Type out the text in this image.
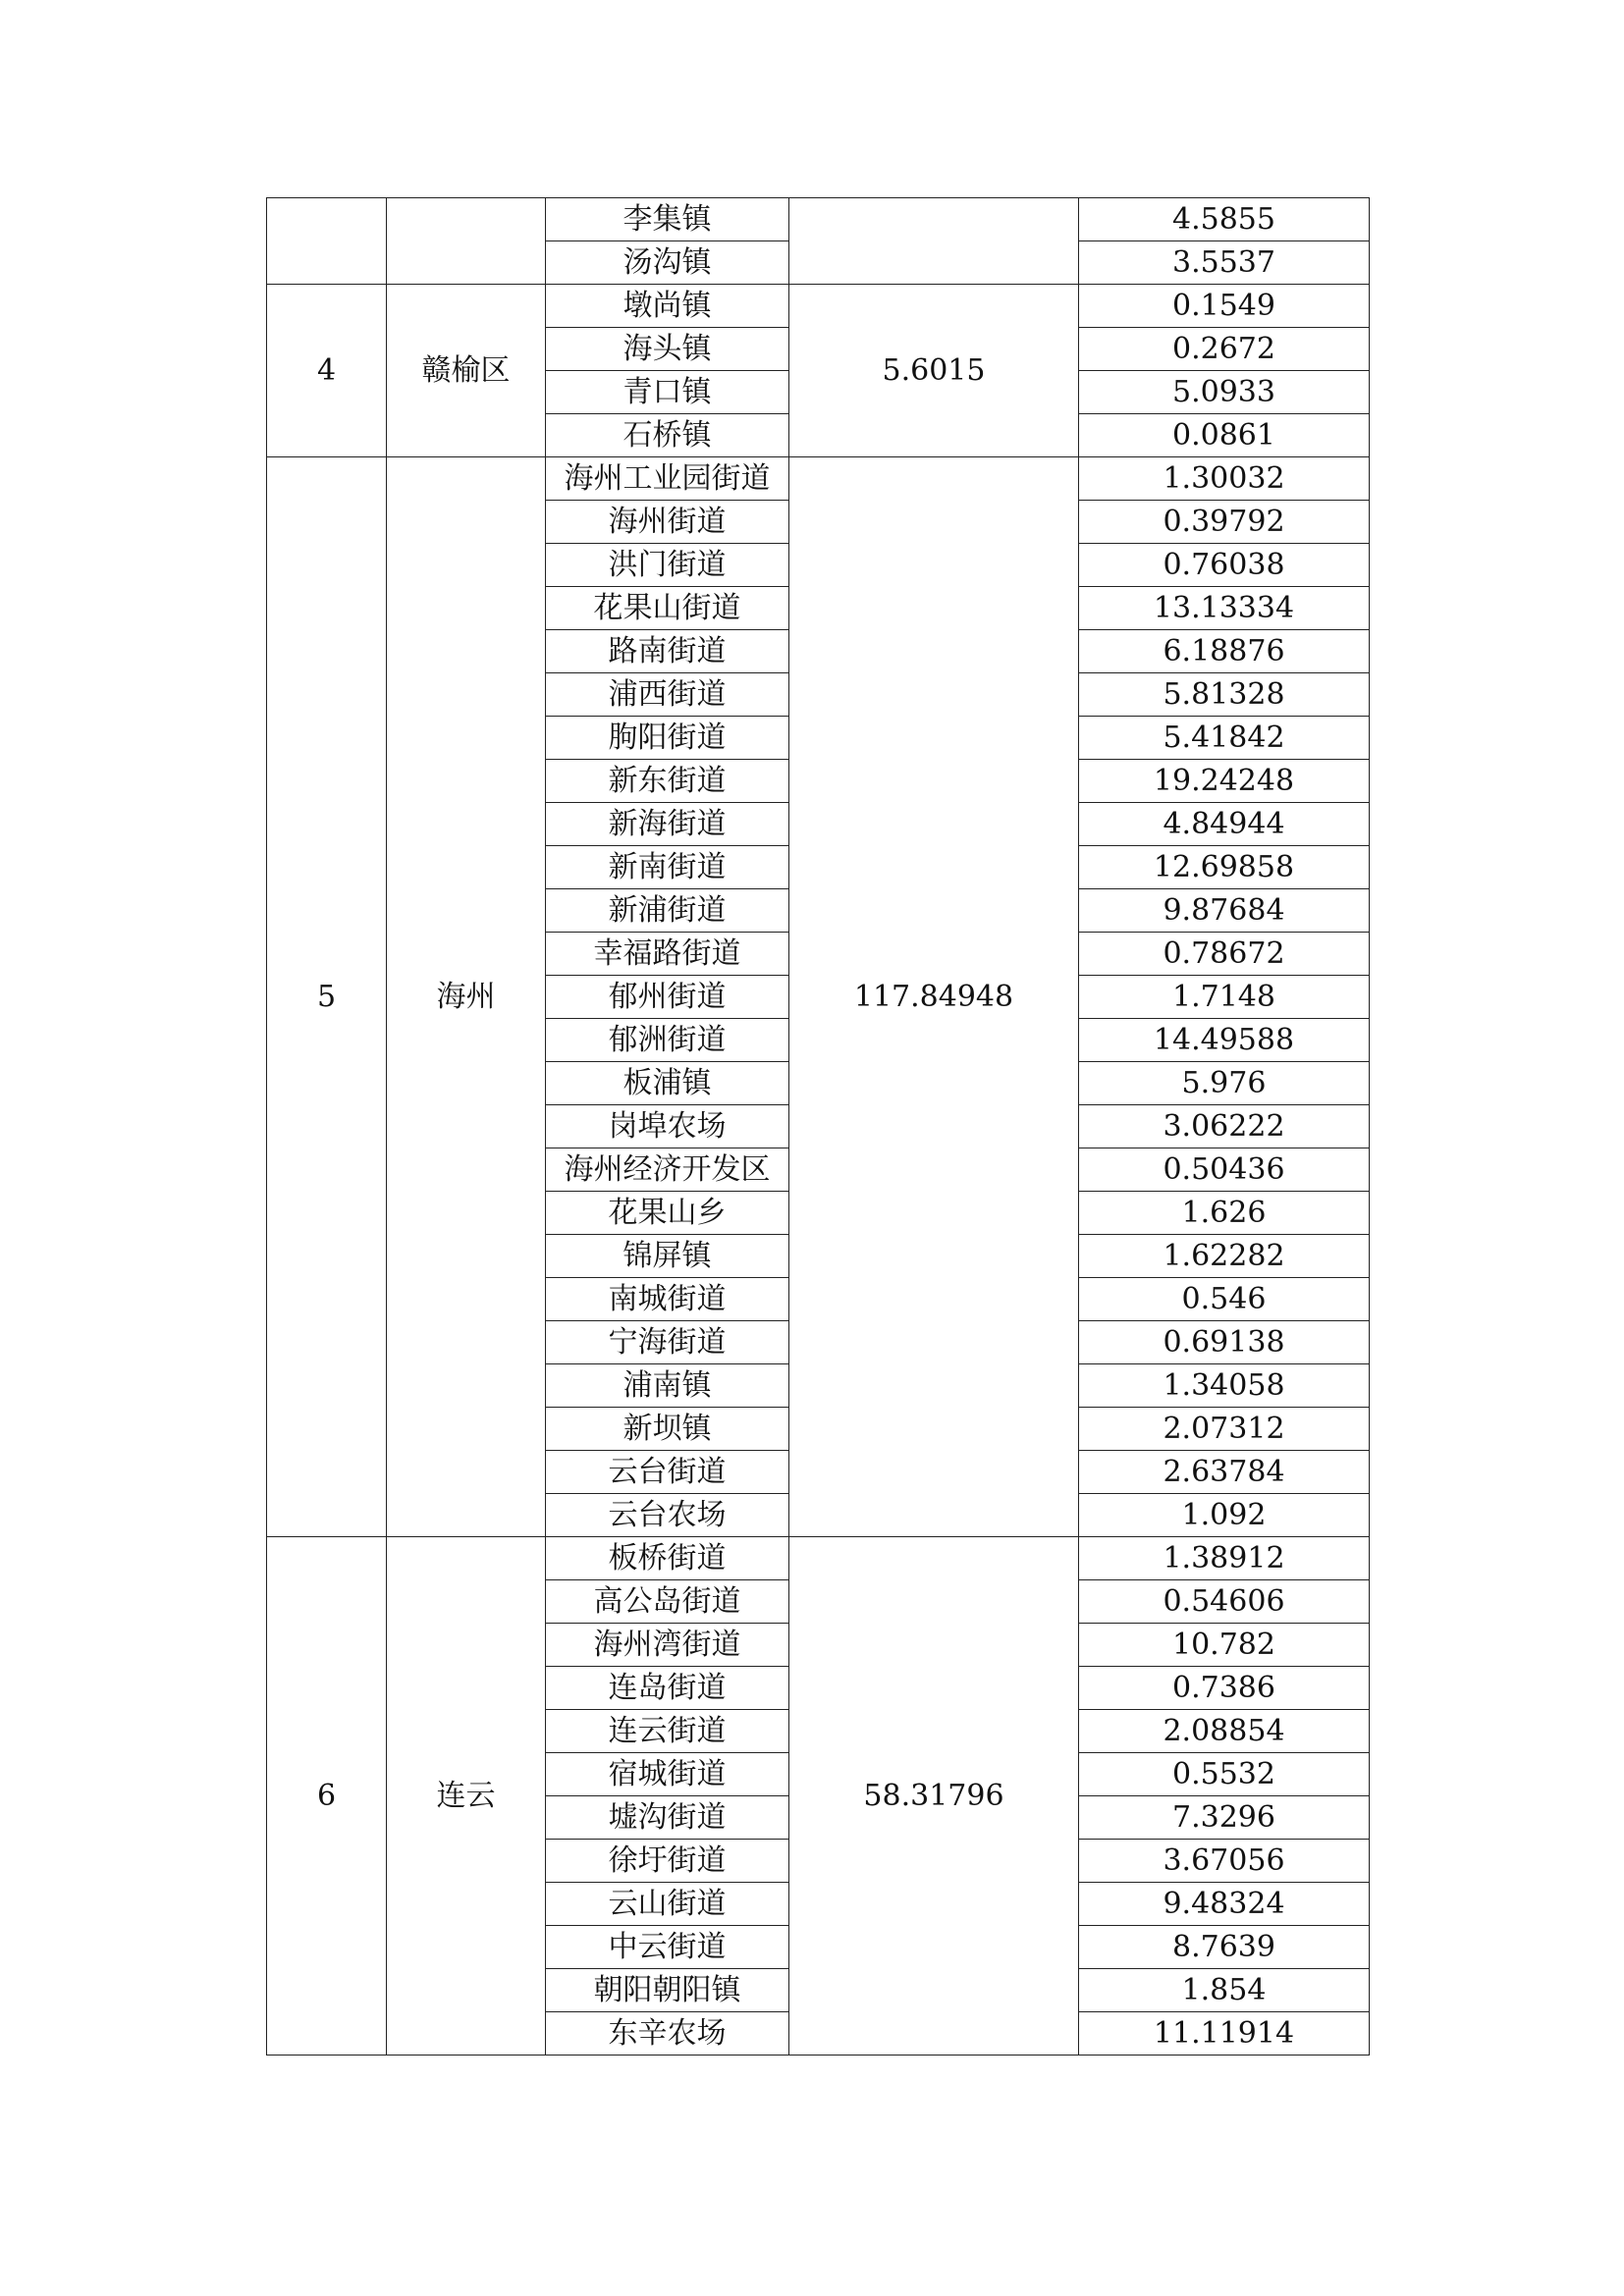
		李集镇		4.5855
		汤沟镇		3.5537
4	赣榆区	墩尚镇	5.6015	0.1549
		海头镇		0.2672
		青口镇		5.0933
		石桥镇		0.0861
5	海州	海州工业园街道	117.84948	1.30032
		海州街道		0.39792
		洪门街道		0.76038
		花果山街道		13.13334
		路南街道		6.18876
		浦西街道		5.81328
		朐阳街道		5.41842
		新东街道		19.24248
		新海街道		4.84944
		新南街道		12.69858
		新浦街道		9.87684
		幸福路街道		0.78672
		郁州街道		1.7148
		郁洲街道		14.49588
		板浦镇		5.976
		岗埠农场		3.06222
		海州经济开发区		0.50436
		花果山乡		1.626
		锦屏镇		1.62282
		南城街道		0.546
		宁海街道		0.69138
		浦南镇		1.34058
		新坝镇		2.07312
		云台街道		2.63784
		云台农场		1.092
6	连云	板桥街道	58.31796	1.38912
		高公岛街道		0.54606
		海州湾街道		10.782
		连岛街道		0.7386
		连云街道		2.08854
		宿城街道		0.5532
		墟沟街道		7.3296
		徐圩街道		3.67056
		云山街道		9.48324
		中云街道		8.7639
		朝阳朝阳镇		1.854
		东辛农场		11.11914
